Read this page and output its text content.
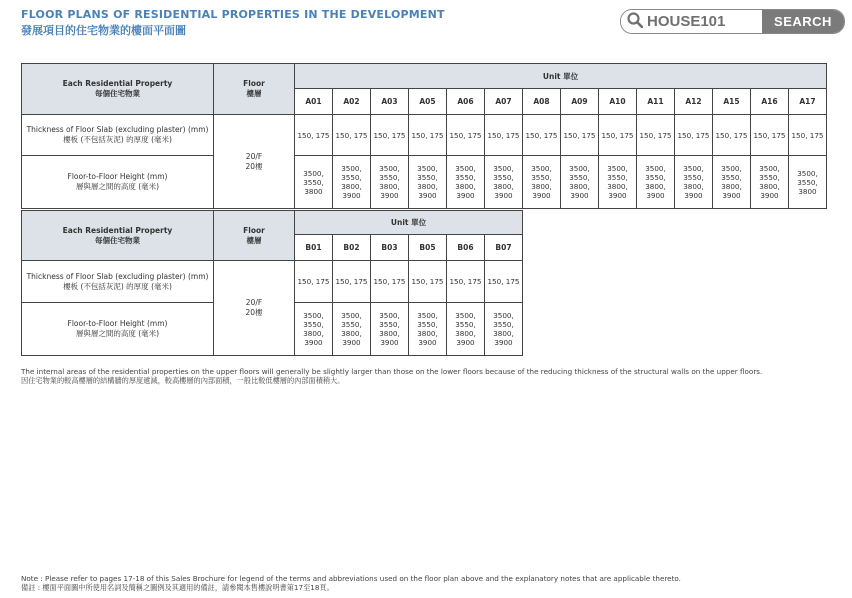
FLOOR PLANS OF RESIDENTIAL PROPERTIES IN THE DEVELOPMENT
發展項目的住宅物業的樓面平面圖
HOUSE101	SEARCH
Each Residential Property
每個住宅物業	Floor
樓層	Unit 單位													
		A01	A02	A03	A05	A06	A07	A08	A09	A10	A11	A12	A15	A16	A17

Thickness of Floor Slab (excluding plaster) (mm)
樓板 (不包括灰泥) 的厚度 (毫米)	20/F
20樓	150, 175	150, 175	150, 175	150, 175	150, 175	150, 175	150, 175	150, 175	150, 175	150, 175	150, 175	150, 175	150, 175	150, 175

Floor-to-Floor Height (mm)
層與層之間的高度 (毫米)		3500,
3550,
3800	3500,
3550,
3800,
3900	3500,
3550,
3800,
3900	3500,
3550,
3800,
3900	3500,
3550,
3800,
3900	3500,
3550,
3800,
3900	3500,
3550,
3800,
3900	3500,
3550,
3800,
3900	3500,
3550,
3800,
3900	3500,
3550,
3800,
3900	3500,
3550,
3800,
3900	3500,
3550,
3800,
3900	3500,
3550,
3800,
3900	3500,
3550,
3800
Each Residential Property
每個住宅物業	Floor
樓層	Unit 單位					
		B01	B02	B03	B05	B06	B07

Thickness of Floor Slab (excluding plaster) (mm)
樓板 (不包括灰泥) 的厚度 (毫米)	20/F
20樓	150, 175	150, 175	150, 175	150, 175	150, 175	150, 175

Floor-to-Floor Height (mm)
層與層之間的高度 (毫米)		3500,
3550,
3800,
3900	3500,
3550,
3800,
3900	3500,
3550,
3800,
3900	3500,
3550,
3800,
3900	3500,
3550,
3800,
3900	3500,
3550,
3800,
3900
The internal areas of the residential properties on the upper floors will generally be slightly larger than those on the lower floors because of the reducing thickness of the structural walls on the upper floors.
因住宅物業的較高樓層的結構牆的厚度遞減，較高樓層的內部面積，一般比較低樓層的內部面積稍大。
Note : Please refer to pages 17-18 of this Sales Brochure for legend of the terms and abbreviations used on the floor plan above and the explanatory notes that are applicable thereto.
備註 : 樓面平面圖中所使用名詞及簡稱之圖例及其適用的備註，請參閱本售樓說明書第17至18頁。
